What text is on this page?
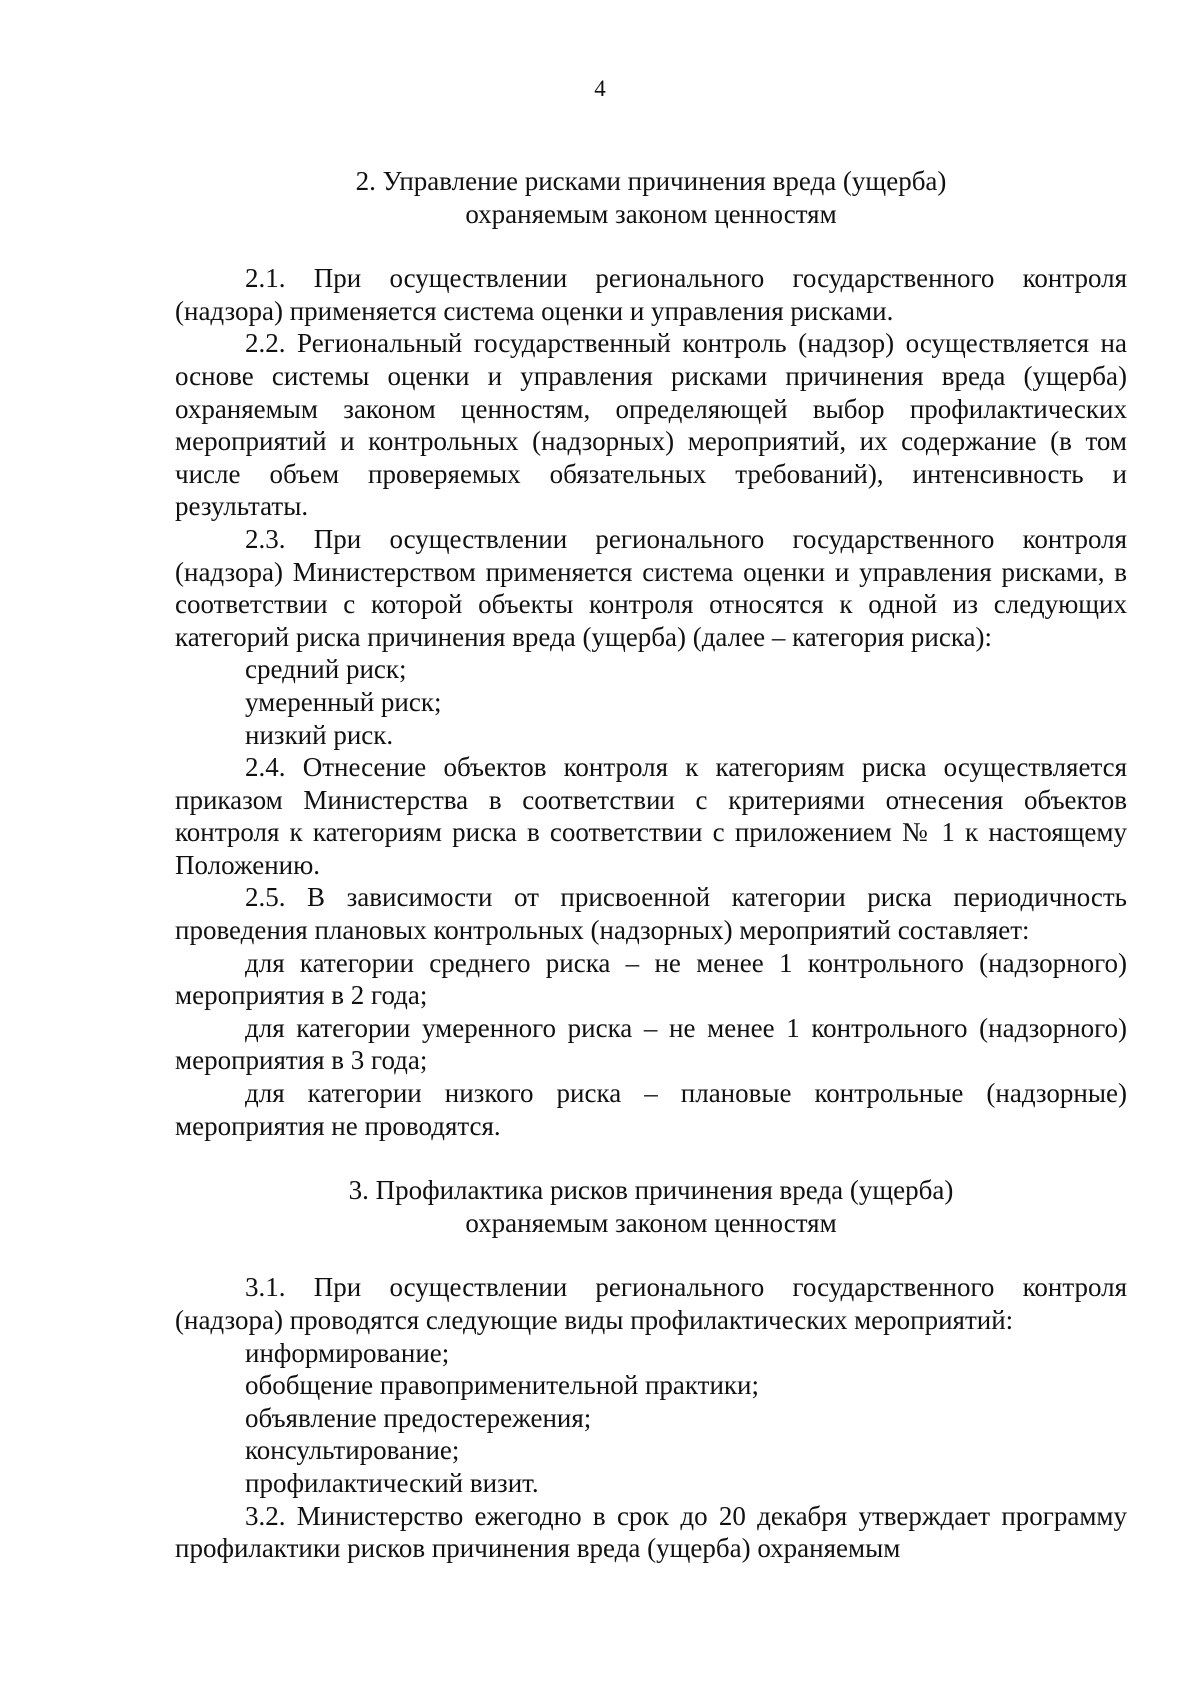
4
2. Управление рисками причинения вреда (ущерба)
охраняемым законом ценностям

2.1. При осуществлении регионального государственного контроля (надзора) применяется система оценки и управления рисками.

2.2. Региональный государственный контроль (надзор) осуществляется на основе системы оценки и управления рисками причинения вреда (ущерба) охраняемым законом ценностям, определяющей выбор профилактических мероприятий и контрольных (надзорных) мероприятий, их содержание (в том числе объем проверяемых обязательных требований), интенсивность и результаты.

2.3. При осуществлении регионального государственного контроля (надзора) Министерством применяется система оценки и управления рисками, в соответствии с которой объекты контроля относятся к одной из следующих категорий риска причинения вреда (ущерба) (далее – категория риска):

средний риск;

умеренный риск;

низкий риск.

2.4. Отнесение объектов контроля к категориям риска осуществляется приказом Министерства в соответствии с критериями отнесения объектов контроля к категориям риска в соответствии с приложением № 1 к настоящему Положению.

2.5. В зависимости от присвоенной категории риска периодичность проведения плановых контрольных (надзорных) мероприятий составляет:

для категории среднего риска – не менее 1 контрольного (надзорного) мероприятия в 2 года;

для категории умеренного риска – не менее 1 контрольного (надзорного) мероприятия в 3 года;

для категории низкого риска – плановые контрольные (надзорные) мероприятия не проводятся.

3. Профилактика рисков причинения вреда (ущерба)
охраняемым законом ценностям

3.1. При осуществлении регионального государственного контроля (надзора) проводятся следующие виды профилактических мероприятий:

информирование;

обобщение правоприменительной практики;

объявление предостережения;

консультирование;

профилактический визит.

3.2. Министерство ежегодно в срок до 20 декабря утверждает программу профилактики рисков причинения вреда (ущерба) охраняемым
